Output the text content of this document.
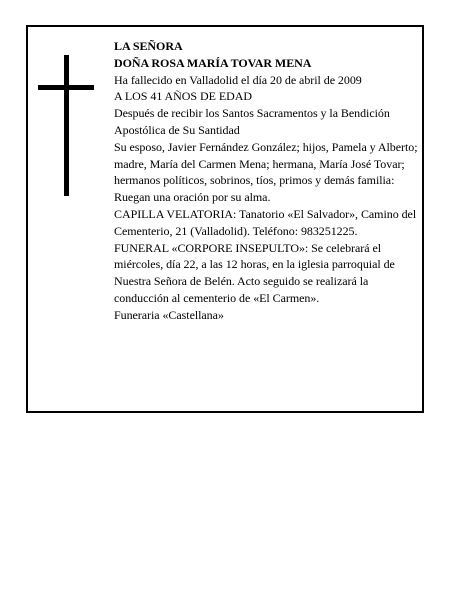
LA SEÑORA

DOÑA ROSA MARÍA TOVAR MENA

Ha fallecido en Valladolid el día 20 de abril de 2009

A LOS 41 AÑOS DE EDAD

Después de recibir los Santos Sacramentos y la Bendición Apostólica de Su Santidad

Su esposo, Javier Fernández González; hijos, Pamela y Alberto; madre, María del Carmen Mena; hermana, María José Tovar; hermanos políticos, sobrinos, tíos, primos y demás familia:

Ruegan una oración por su alma.

CAPILLA VELATORIA: Tanatorio «El Salvador», Camino del Cementerio, 21 (Valladolid). Teléfono: 983251225.

FUNERAL «CORPORE INSEPULTO»: Se celebrará el miércoles, día 22, a las 12 horas, en la iglesia parroquial de Nuestra Señora de Belén. Acto seguido se realizará la conducción al cementerio de «El Carmen».

Funeraria «Castellana»
